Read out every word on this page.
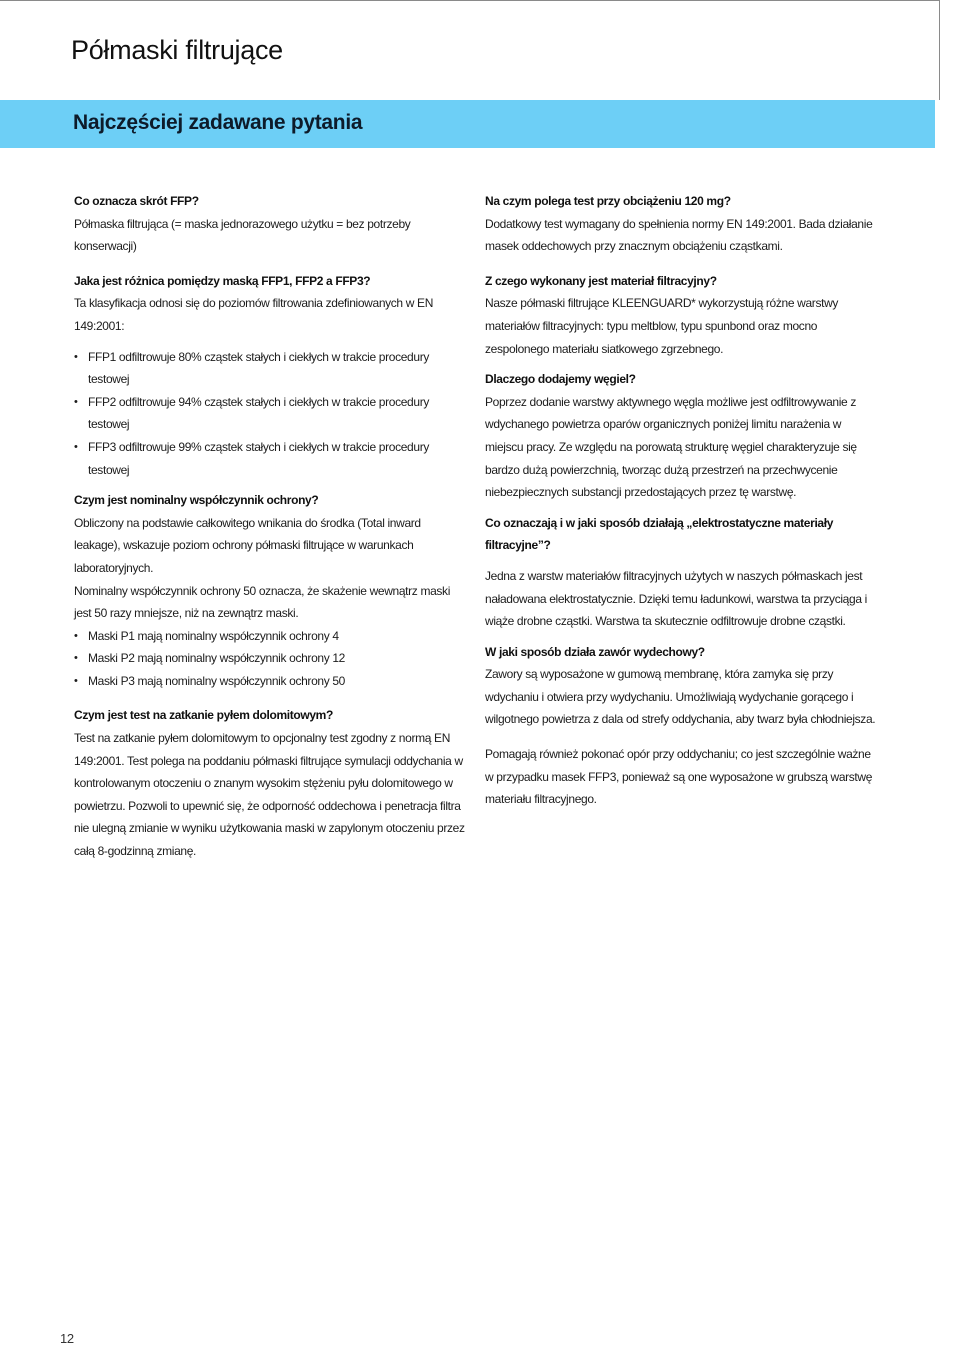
Półmaski filtrujące
Najczęściej zadawane pytania

Co oznacza skrót FFP?

Półmaska filtrująca (= maska jednorazowego użytku = bez potrzeby konserwacji)

Jaka jest różnica pomiędzy maską FFP1, FFP2 a FFP3?

Ta klasyfikacja odnosi się do poziomów filtrowania zdefiniowanych w EN 149:2001:

• FFP1 odfiltrowuje 80% cząstek stałych i ciekłych w trakcie procedury testowej
• FFP2 odfiltrowuje 94% cząstek stałych i ciekłych w trakcie procedury testowej
• FFP3 odfiltrowuje 99% cząstek stałych i ciekłych w trakcie procedury testowej

Czym jest nominalny współczynnik ochrony?

Obliczony na podstawie całkowitego wnikania do środka (Total inward leakage), wskazuje poziom ochrony półmaski filtrujące w warunkach laboratoryjnych.

Nominalny współczynnik ochrony 50 oznacza, że skażenie wewnątrz maski jest 50 razy mniejsze, niż na zewnątrz maski.

• Maski P1 mają nominalny współczynnik ochrony 4
• Maski P2 mają nominalny współczynnik ochrony 12
• Maski P3 mają nominalny współczynnik ochrony 50

Czym jest test na zatkanie pyłem dolomitowym?

Test na zatkanie pyłem dolomitowym to opcjonalny test zgodny z normą EN 149:2001. Test polega na poddaniu półmaski filtrujące symulacji oddychania w kontrolowanym otoczeniu o znanym wysokim stężeniu pyłu dolomitowego w powietrzu. Pozwoli to upewnić się, że odporność oddechowa i penetracja filtra nie ulegną zmianie w wyniku użytkowania maski w zapylonym otoczeniu przez całą 8-godzinną zmianę.

Na czym polega test przy obciążeniu 120 mg?

Dodatkowy test wymagany do spełnienia normy EN 149:2001. Bada działanie masek oddechowych przy znacznym obciążeniu cząstkami.

Z czego wykonany jest materiał filtracyjny?

Nasze półmaski filtrujące KLEENGUARD* wykorzystują różne warstwy materiałów filtracyjnych: typu meltblow, typu spunbond oraz mocno zespolonego materiału siatkowego zgrzebnego.

Dlaczego dodajemy węgiel?

Poprzez dodanie warstwy aktywnego węgla możliwe jest odfiltrowywanie z wdychanego powietrza oparów organicznych poniżej limitu narażenia w miejscu pracy. Ze względu na porowatą strukturę węgiel charakteryzuje się bardzo dużą powierzchnią, tworząc dużą przestrzeń na przechwycenie niebezpiecznych substancji przedostających przez tę warstwę.

Co oznaczają i w jaki sposób działają „elektrostatyczne materiały filtracyjne”?

Jedna z warstw materiałów filtracyjnych użytych w naszych półmaskach jest naładowana elektrostatycznie. Dzięki temu ładunkowi, warstwa ta przyciąga i wiąże drobne cząstki. Warstwa ta skutecznie odfiltrowuje drobne cząstki.

W jaki sposób działa zawór wydechowy?

Zawory są wyposażone w gumową membranę, która zamyka się przy wdychaniu i otwiera przy wydychaniu. Umożliwiają wydychanie gorącego i wilgotnego powietrza z dala od strefy oddychania, aby twarz była chłodniejsza.

Pomagają również pokonać opór przy oddychaniu; co jest szczególnie ważne w przypadku masek FFP3, ponieważ są one wyposażone w grubszą warstwę materiału filtracyjnego.

12
